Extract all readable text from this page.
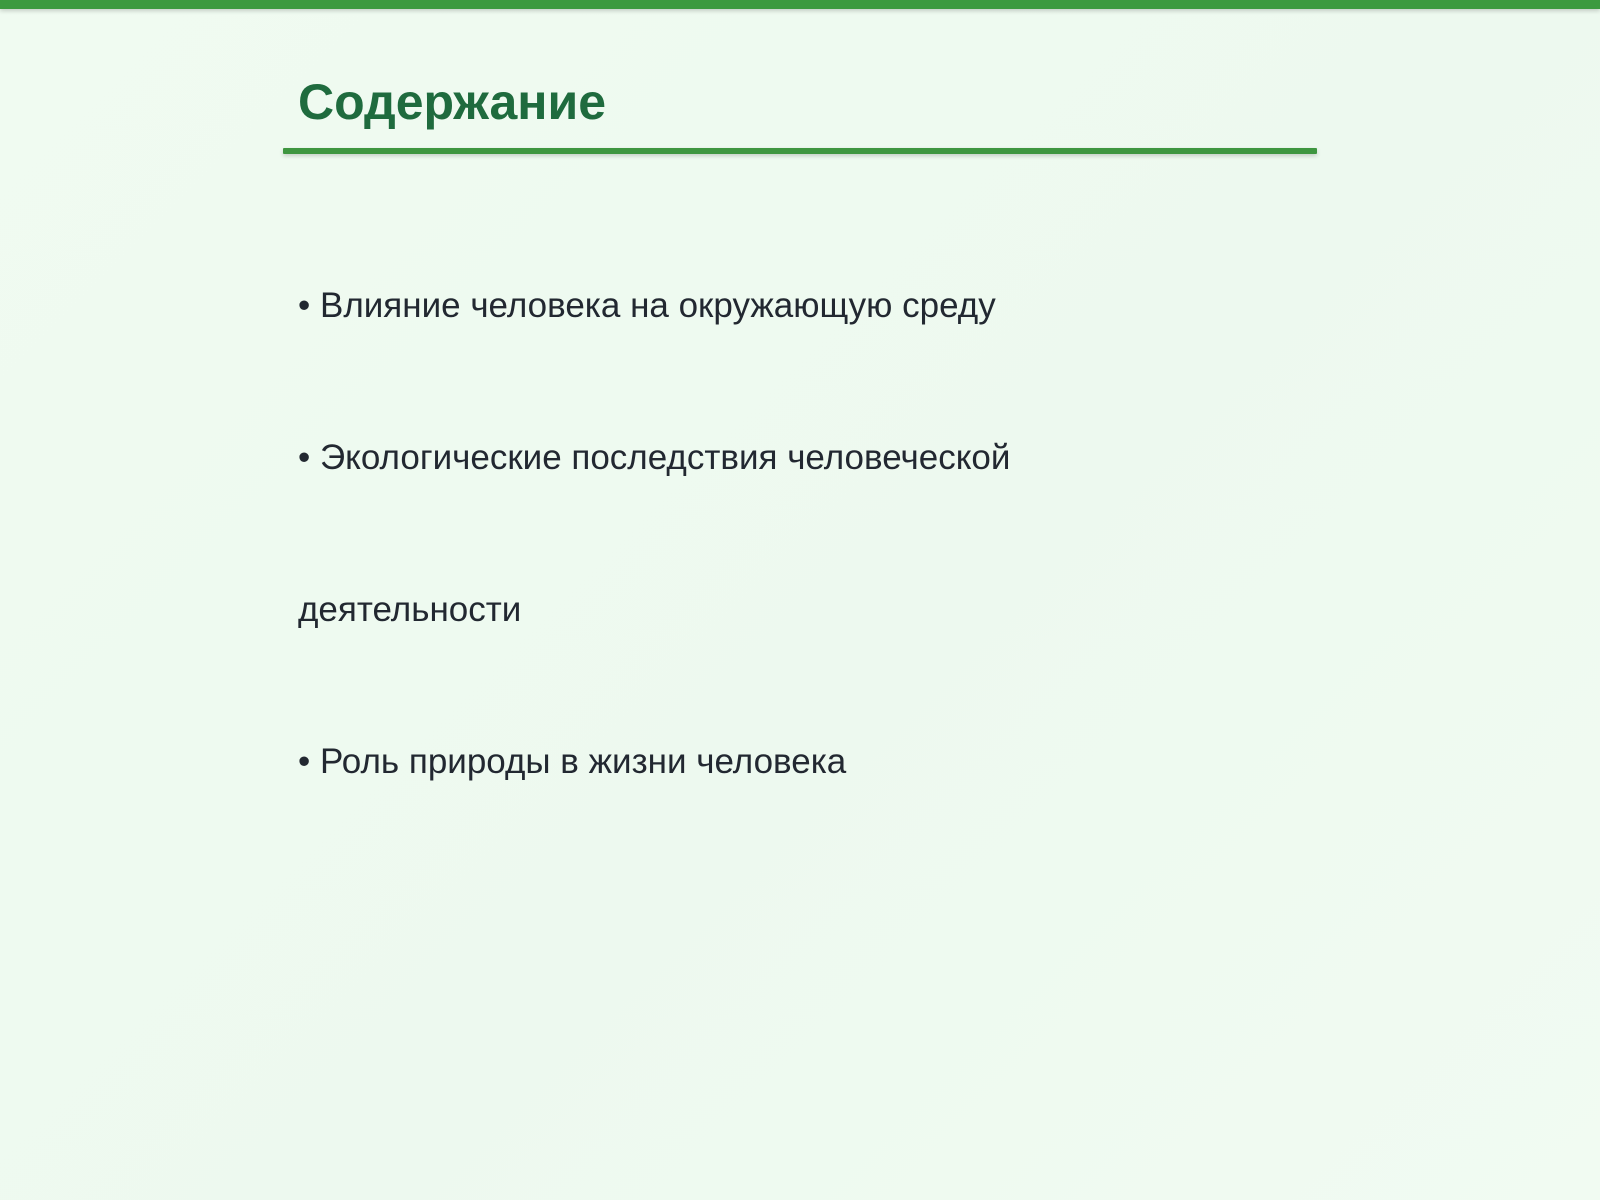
Содержание

• Влияние человека на окружающую среду

• Экологические последствия человеческой

деятельности

• Роль природы в жизни человека
